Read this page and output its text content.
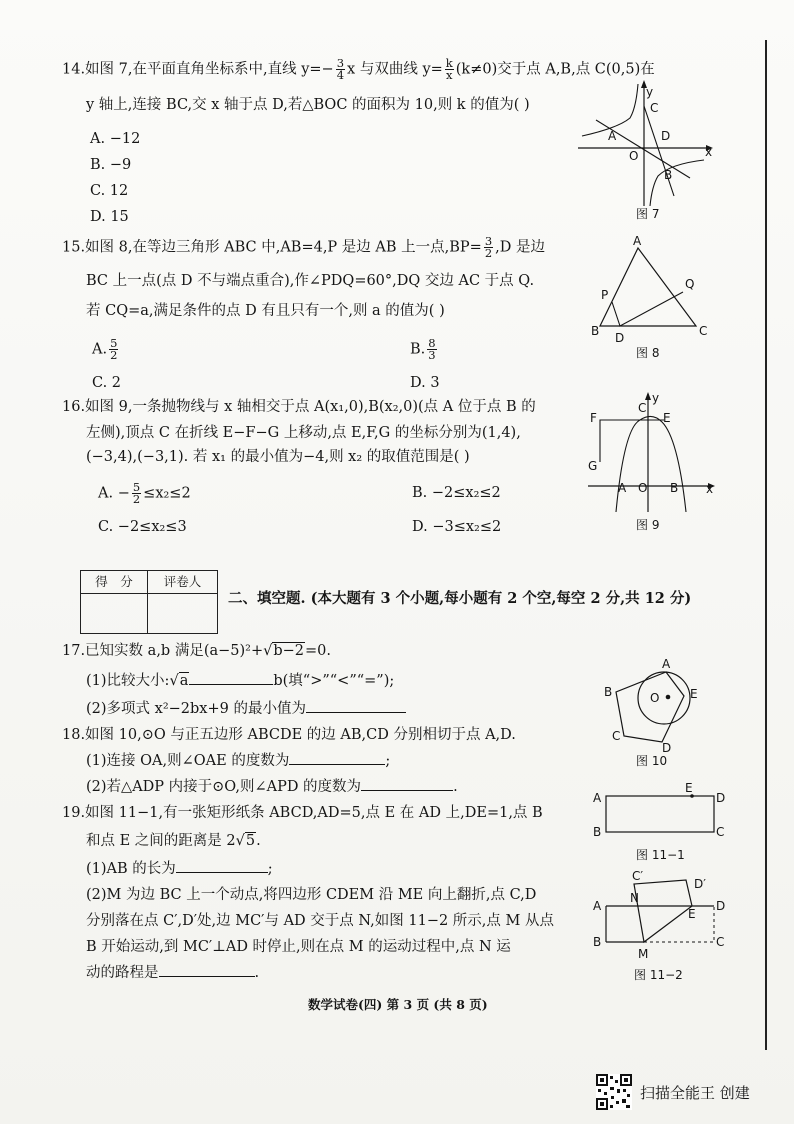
14.如图 7,在平面直角坐标系中,直线 $y=- \frac{3}{4}$ x 与双曲线 $y= \frac{k}{x} (k\ne 0)$交于点 A,B,点 C(0,5)在
y 轴上,连接 BC,交 x 轴于点 D,若△BOC 的面积为 10,则 k 的值为( )
A. −12
B. −9
C. 12
D. 15
y
C
A	D
O
B
x
图 7
15.如图 8,在等边三角形 ABC 中,AB=4,P 是边 AB 上一点$,BP= \frac{3}{2} ,D$ 是边
BC 上一点(点 D 不与端点重合),作∠PDQ=60°,DQ 交边 AC 于点 Q.
若 CQ=a,满足条件的点 D 有且只有一个,则 a 的值为( )
A. $\frac{5}{2}$	B. $\frac{8}{3}$
C. 2	D. 3
A
P
Q
B D	C
图 8
16.如图 9,一条抛物线与 x 轴相交于点 A(x₁,0),B(x₂,0)(点 A 位于点 B 的
左侧),顶点 C 在折线 E−F−G 上移动,点 E,F,G 的坐标分别为(1,4),
(−3,4),(−3,1). 若 x₁ 的最小值为−4,则 x₂ 的取值范围是( )
A. − $\frac{5}{2} \le x_2\le 2$	B. −2≤x₂≤2
C. −2≤x₂≤3	D. −3≤x₂≤2
F
C
y
E
G
A O B x
图 9
得　分	评卷人
二、填空题. (本大题有 3 个小题,每小题有 2 个空,每空 2 分,共 12 分)
17.已知实数 a,b 满足(a−5)²+√b−2=0.
(1)比较大小:√a	b(填“>”“<”“=”);
(2)多项式 x²−2bx+9 的最小值为
18.如图 10,⊙O 与正五边形 ABCDE 的边 AB,CD 分别相切于点 A,D.
(1)连接 OA,则∠OAE 的度数为	;
(2)若△ADP 内接于⊙O,则∠APD 的度数为	.
A
O
B	E
C
D
图 10
19.如图 11−1,有一张矩形纸条 ABCD,AD=5,点 E 在 AD 上,DE=1,点 B
和点 E 之间的距离是 2√5.
(1)AB 的长为	;
(2)M 为边 BC 上一个动点,将四边形 CDEM 沿 ME 向上翻折,点 C,D
分别落在点 C′,D′处,边 MC′与 AD 交于点 N,如图 11−2 所示,点 M 从点
B 开始运动,到 MC′⊥AD 时停止,则在点 M 的运动过程中,点 N 运
动的路程是	.
A
E
D
B	C
图 11−1
C′
D′
N
A
E
D
B	C
M
图 11−2
数学试卷(四) 第 3 页 (共 8 页)
扫描全能王 创建
